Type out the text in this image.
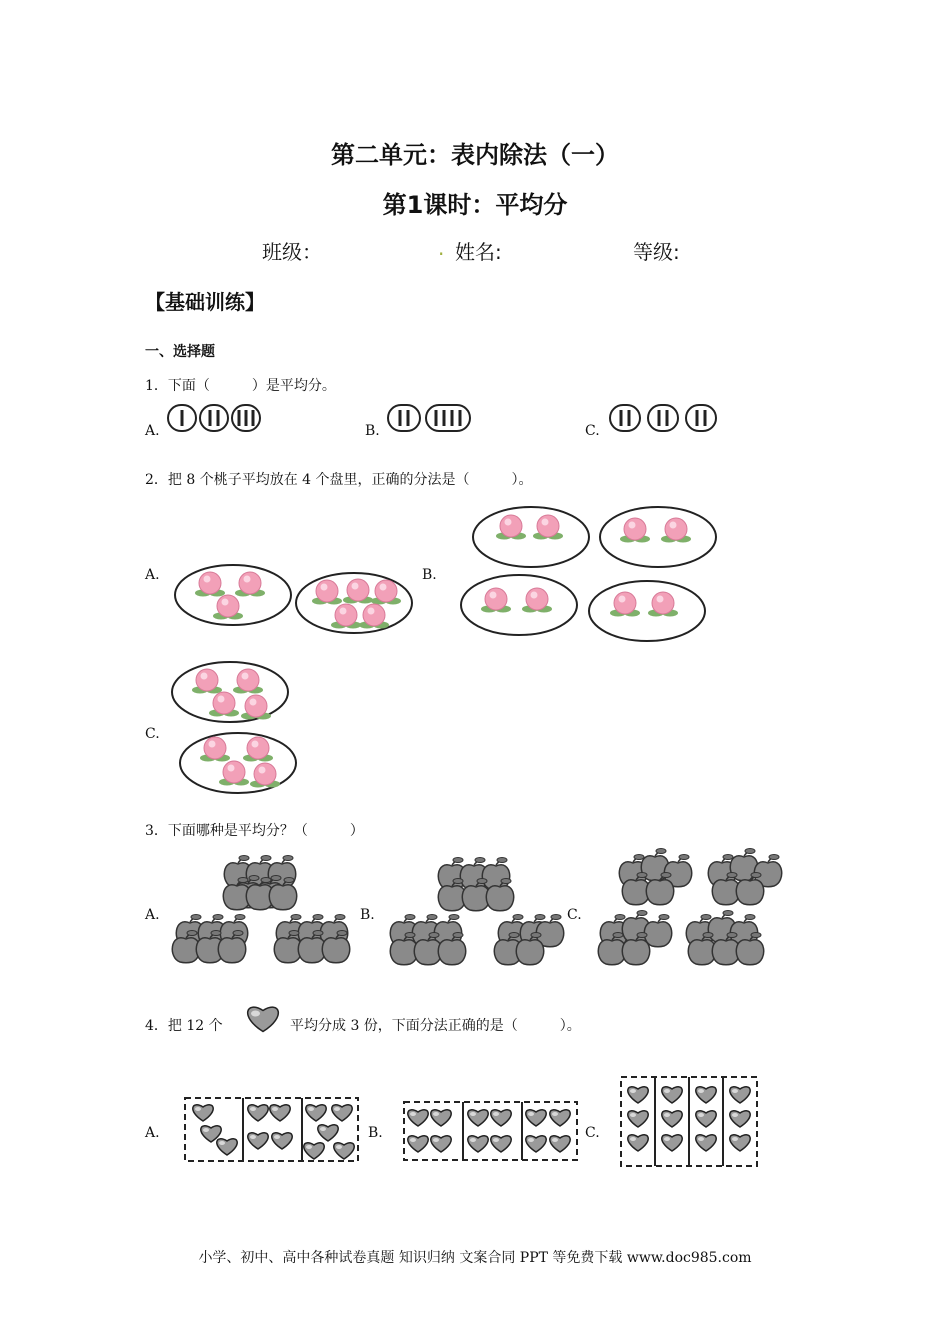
第二单元：表内除法（一）
第1课时：平均分
班级：	. 姓名:	等级:
【基础训练】
一、选择题
1．下面（　　　）是平均分。
A.	B.	C.
2．把 8 个桃子平均放在 4 个盘里，正确的分法是（　　　）。
A.	B.
C.
3．下面哪种是平均分？（　　　）
A.	B.	C.
4．把 12 个	平均分成 3 份，下面分法正确的是（　　　）。
A.	B.	C.
小学、初中、高中各种试卷真题 知识归纳 文案合同 PPT 等免费下载 www.doc985.com
